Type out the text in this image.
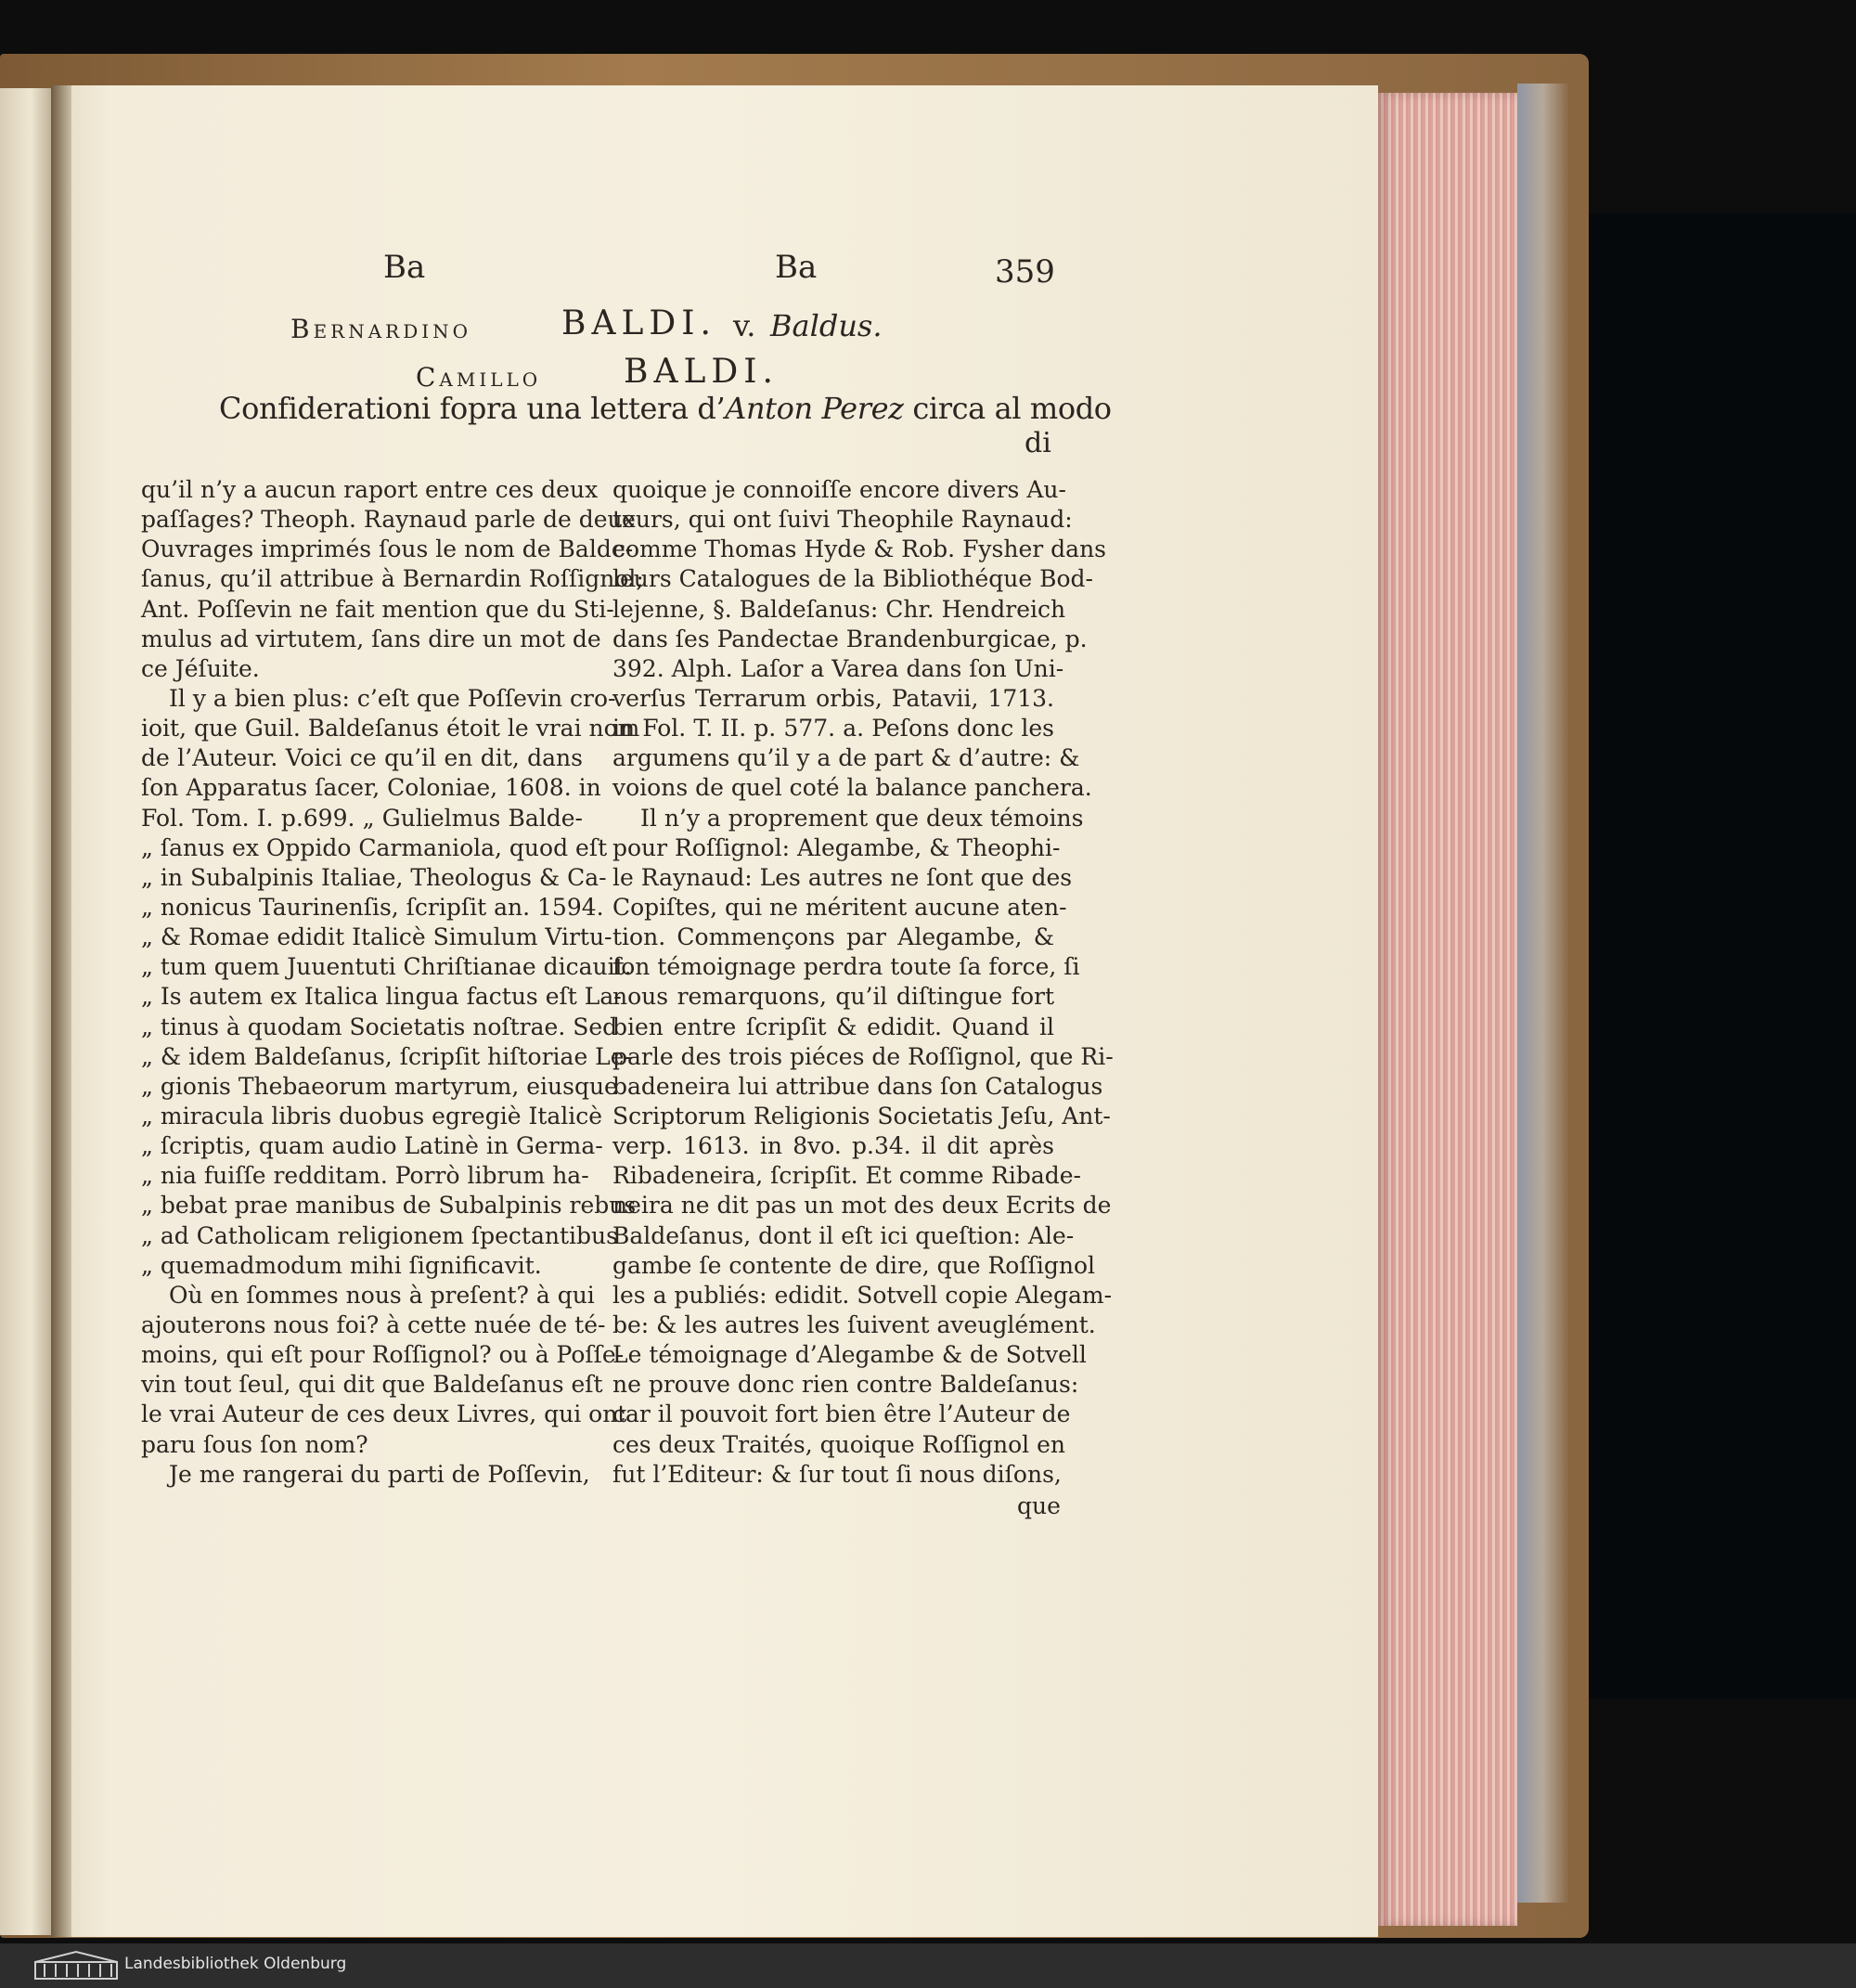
Ba	Ba	359
Bernardino	BALDI. v. Baldus.
Camillo BALDI.
Confiderationi fopra una lettera d’Anton Perez circa al modo
di
qu’il n’y a aucun raport entre ces deux
paſſages? Theoph. Raynaud parle de deux
Ouvrages imprimés ſous le nom de Balde-
ſanus, qu’il attribue à Bernardin Roſſignol;
Ant. Poſſevin ne fait mention que du Sti-
mulus ad virtutem, ſans dire un mot de
ce Jéſuite.
Il y a bien plus: c’eſt que Poſſevin cro-
ioit, que Guil. Baldeſanus étoit le vrai nom
de l’Auteur. Voici ce qu’il en dit, dans
ſon Apparatus ſacer, Coloniae, 1608. in
Fol. Tom. I. p.699. „ Gulielmus Balde-
„ ſanus ex Oppido Carmaniola, quod eſt
„ in Subalpinis Italiae, Theologus & Ca-
„ nonicus Taurinenſis, ſcripſit an. 1594.
„ & Romae edidit Italicè Simulum Virtu-
„ tum quem Juuentuti Chriſtianae dicauit.
„ Is autem ex Italica lingua factus eſt La-
„ tinus à quodam Societatis noſtrae. Sed
„ & idem Baldeſanus, ſcripſit hiſtoriae Le-
„ gionis Thebaeorum martyrum, eiusque
„ miracula libris duobus egregiè Italicè
„ ſcriptis, quam audio Latinè in Germa-
„ nia fuiſſe redditam. Porrò librum ha-
„ bebat prae manibus de Subalpinis rebus
„ ad Catholicam religionem ſpectantibus
„ quemadmodum mihi ſignificavit.
Où en ſommes nous à preſent? à qui
ajouterons nous foi? à cette nuée de té-
moins, qui eſt pour Roſſignol? ou à Poſſe-
vin tout ſeul, qui dit que Baldeſanus eſt
le vrai Auteur de ces deux Livres, qui ont
paru ſous ſon nom?
Je me rangerai du parti de Poſſevin,
quoique je connoiſſe encore divers Au-
teurs, qui ont ſuivi Theophile Raynaud:
comme Thomas Hyde & Rob. Fysher dans
leurs Catalogues de la Bibliothéque Bod-
lejenne, §. Baldeſanus: Chr. Hendreich
dans ſes Pandectae Brandenburgicae, p.
392. Alph. Laſor a Varea dans ſon Uni-
verſus Terrarum orbis, Patavii, 1713.
in Fol. T. II. p. 577. a. Peſons donc les
argumens qu’il y a de part & d’autre: &
voions de quel coté la balance panchera.
Il n’y a proprement que deux témoins
pour Roſſignol: Alegambe, & Theophi-
le Raynaud: Les autres ne ſont que des
Copiſtes, qui ne méritent aucune aten-
tion. Commençons par Alegambe, &
ſon témoignage perdra toute ſa force, ſi
nous remarquons, qu’il diſtingue fort
bien entre ſcripſit & edidit. Quand il
parle des trois piéces de Roſſignol, que Ri-
badeneira lui attribue dans ſon Catalogus
Scriptorum Religionis Societatis Jeſu, Ant-
verp. 1613. in 8vo. p.34. il dit après
Ribadeneira, ſcripſit. Et comme Ribade-
neira ne dit pas un mot des deux Ecrits de
Baldeſanus, dont il eſt ici queſtion: Ale-
gambe ſe contente de dire, que Roſſignol
les a publiés: edidit. Sotvell copie Alegam-
be: & les autres les ſuivent aveuglément.
Le témoignage d’Alegambe & de Sotvell
ne prouve donc rien contre Baldeſanus:
car il pouvoit fort bien être l’Auteur de
ces deux Traités, quoique Roſſignol en
fut l’Editeur: & ſur tout ſi nous diſons,
que
Landesbibliothek Oldenburg
